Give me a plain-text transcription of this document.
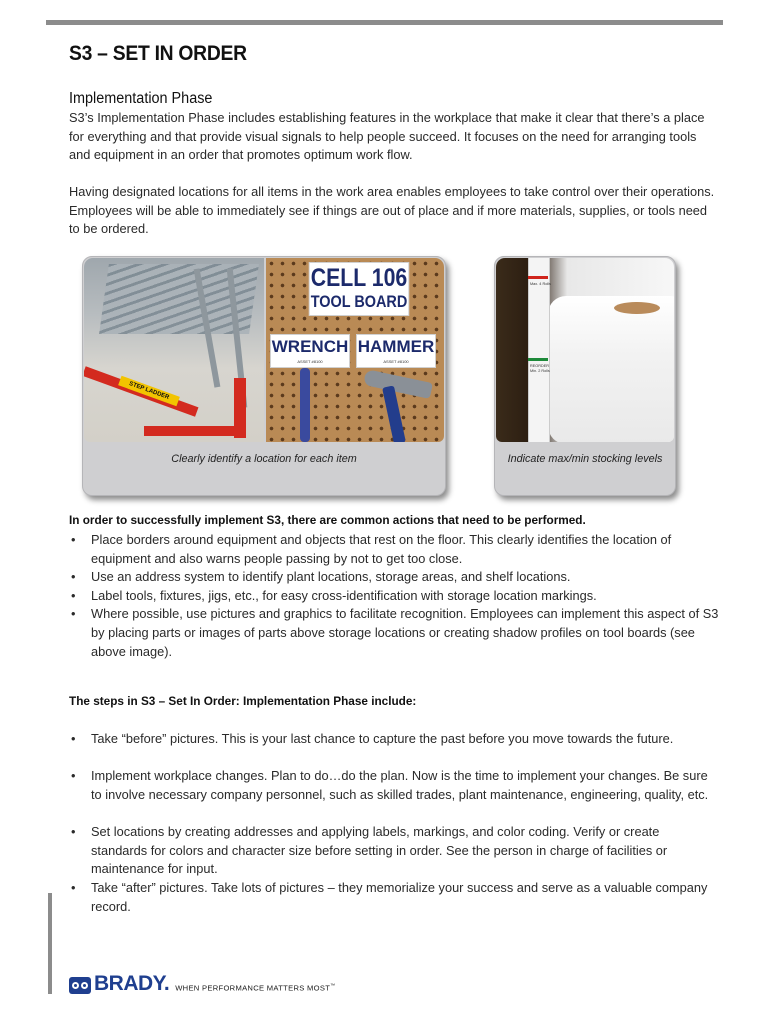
S3 – SET IN ORDER
Implementation Phase
S3’s Implementation Phase includes establishing features in the workplace that make it clear that there’s a place for everything and that provide visual signals to help people succeed. It focuses on the need for arranging tools and equipment in an order that promotes optimum work flow.
Having designated locations for all items in the work area enables employees to take control over their operations. Employees will be able to immediately see if things are out of place and if more materials, supplies, or tools need to be ordered.
STEP LADDER
CELL 106
TOOL BOARD
WRENCH
ASSET #8100
HAMMER
ASSET #8100
Clearly identify a location for each item
Max. 4 Rolls
REORDER
Min. 2 Rolls
Indicate max/min stocking levels
In order to successfully implement S3, there are common actions that need to be performed.
• Place borders around equipment and objects that rest on the floor. This clearly identifies the location of equipment and also warns people passing by not to get too close.
• Use an address system to identify plant locations, storage areas, and shelf locations.
• Label tools, fixtures, jigs, etc., for easy cross-identification with storage location markings.
• Where possible, use pictures and graphics to facilitate recognition. Employees can implement this aspect of S3 by placing parts or images of parts above storage locations or creating shadow profiles on tool boards (see above image).
The steps in S3 – Set In Order: Implementation Phase include:
• Take “before” pictures. This is your last chance to capture the past before you move towards the future.
• Implement workplace changes. Plan to do…do the plan. Now is the time to implement your changes. Be sure to involve necessary company personnel, such as skilled trades, plant maintenance, engineering, quality, etc.
• Set locations by creating addresses and applying labels, markings, and color coding. Verify or create standards for colors and character size before setting in order. See the person in charge of facilities or maintenance for input.
• Take “after” pictures. Take lots of pictures – they memorialize your success and serve as a valuable company record.
BRADY. WHEN PERFORMANCE MATTERS MOST™
